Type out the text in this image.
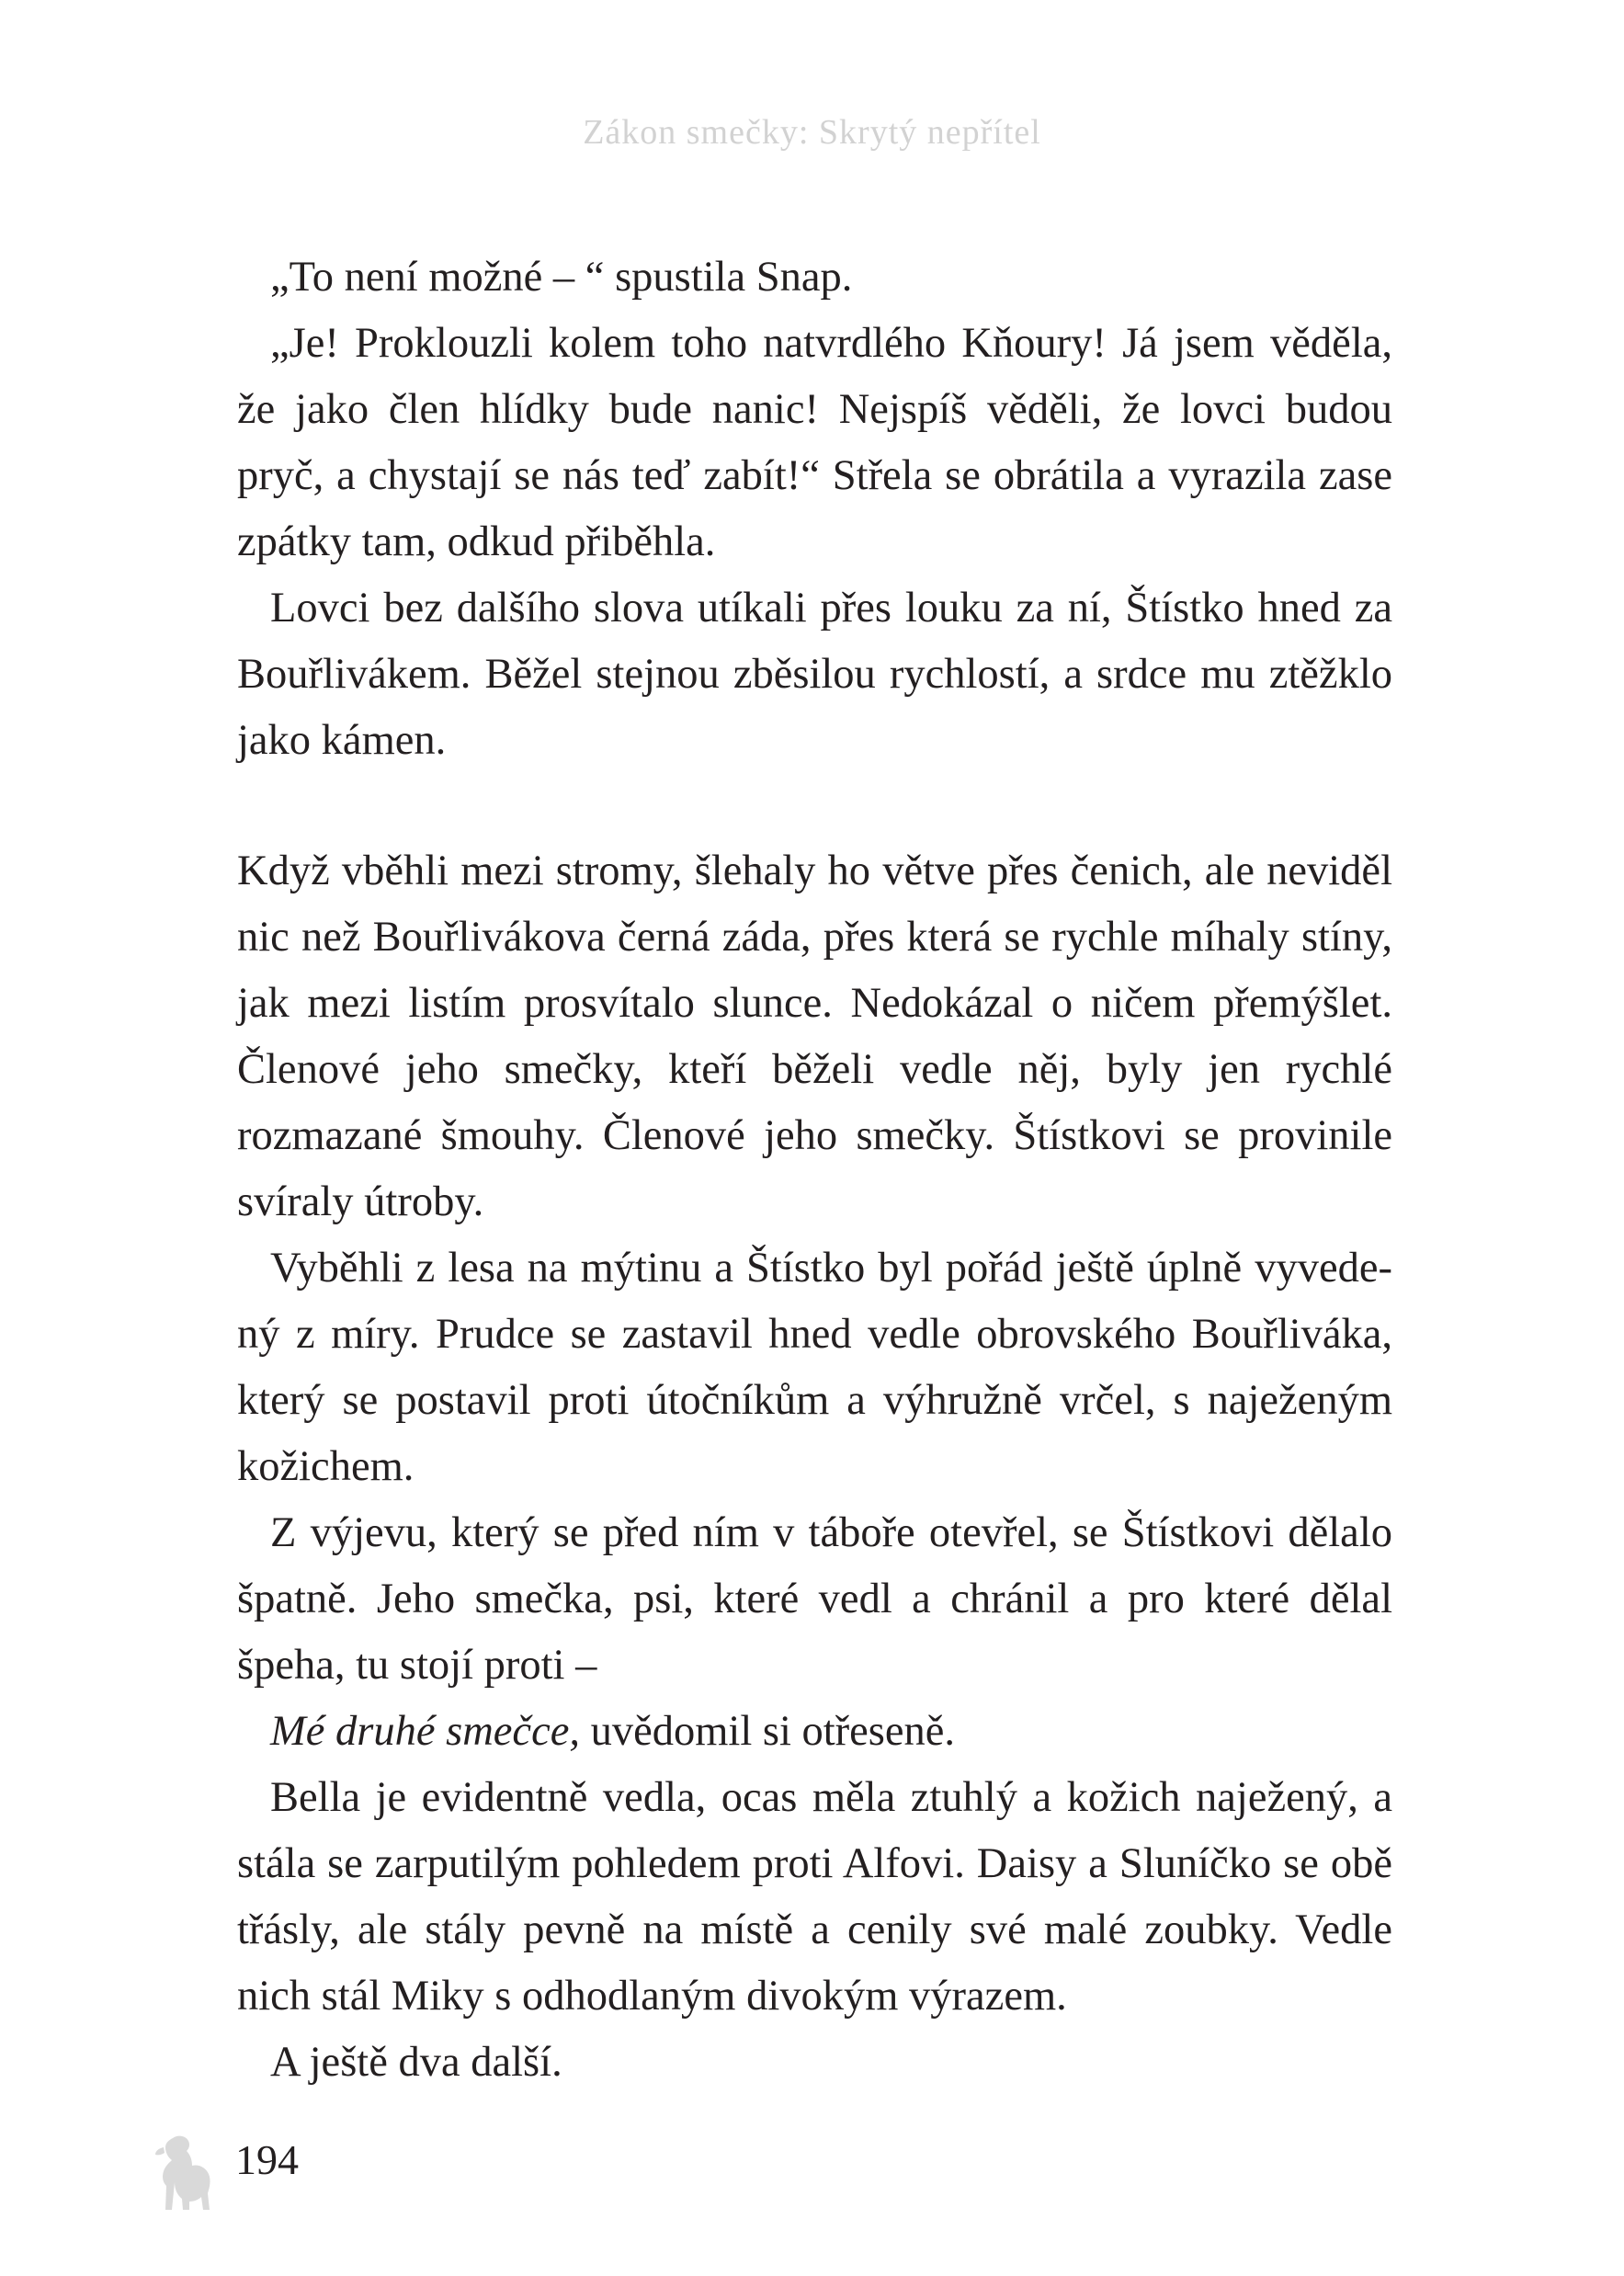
Zákon smečky: Skrytý nepřítel

„To není možné – “ spustila Snap.

„Je! Proklouzli kolem toho natvrdlého Kňoury! Já jsem věděla, že jako člen hlídky bude nanic! Nejspíš věděli, že lovci budou pryč, a chystají se nás teď zabít!“ Střela se obrátila a vyrazila zase zpátky tam, odkud přiběhla.

Lovci bez dalšího slova utíkali přes louku za ní, Štístko hned za Bouřlivákem. Běžel stejnou zběsilou rychlostí, a srdce mu ztěžklo jako kámen.

Když vběhli mezi stromy, šlehaly ho větve přes čenich, ale neviděl nic než Bouřlivákova černá záda, přes která se rychle míhaly stíny, jak mezi listím prosvítalo slunce. Nedokázal o ničem přemýšlet. Členové jeho smečky, kteří běželi vedle něj, byly jen rychlé rozmazané šmouhy. Členové jeho smečky. Štístkovi se provinile svíraly útroby.

Vyběhli z lesa na mýtinu a Štístko byl pořád ještě úplně vyvedený z míry. Prudce se zastavil hned vedle obrovského Bouřliváka, který se postavil proti útočníkům a výhružně vrčel, s naježeným kožichem.

Z výjevu, který se před ním v táboře otevřel, se Štístkovi dělalo špatně. Jeho smečka, psi, které vedl a chránil a pro které dělal špeha, tu stojí proti –

Mé druhé smečce, uvědomil si otřeseně.

Bella je evidentně vedla, ocas měla ztuhlý a kožich naježený, a stála se zarputilým pohledem proti Alfovi. Daisy a Sluníčko se obě třásly, ale stály pevně na místě a cenily své malé zoubky. Vedle nich stál Miky s odhodlaným divokým výrazem.

A ještě dva další.

194
